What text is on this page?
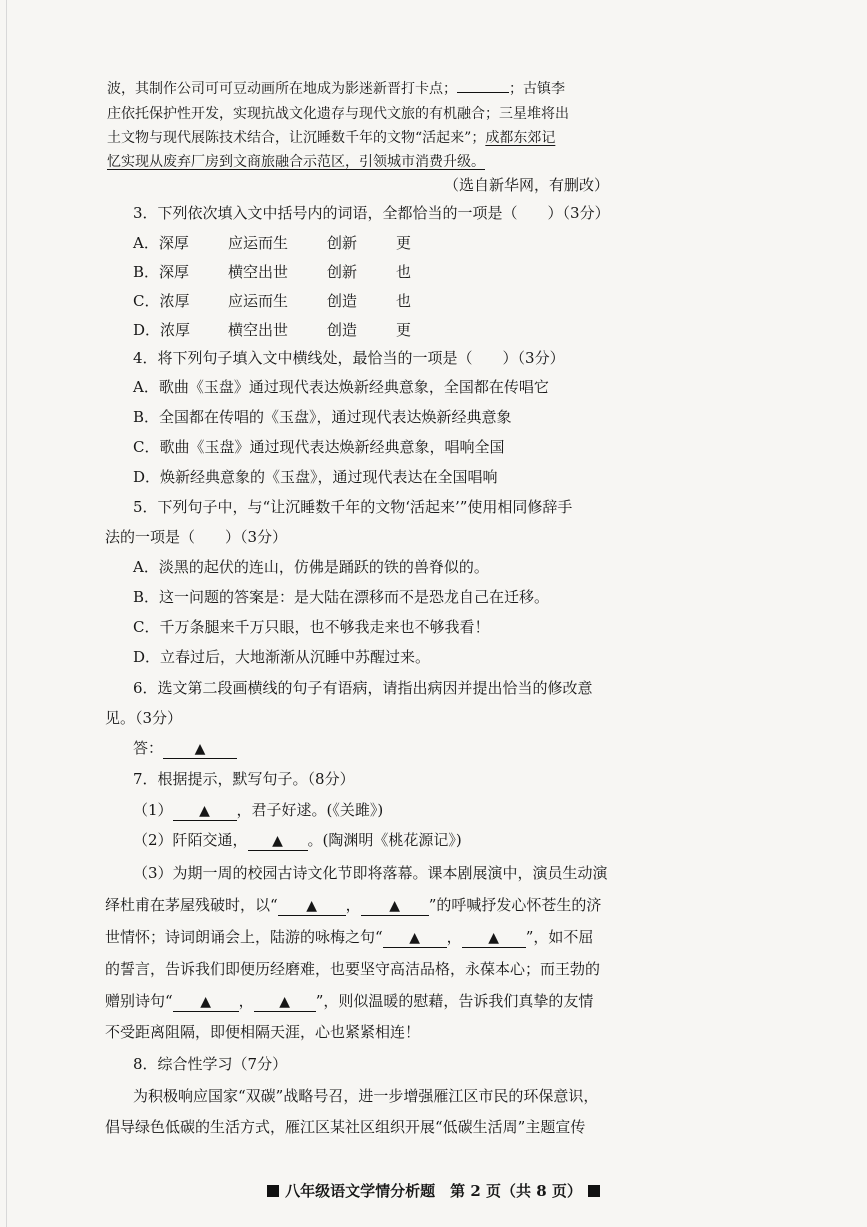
波，其制作公司可可豆动画所在地成为影迷新晋打卡点；	；古镇李
庄依托保护性开发，实现抗战文化遗存与现代文旅的有机融合；三星堆将出
土文物与现代展陈技术结合，让沉睡数千年的文物“活起来”；成都东郊记
忆实现从废弃厂房到文商旅融合示范区，引领城市消费升级。
（选自新华网，有删改）
3．下列依次填入文中括号内的词语，全都恰当的一项是（　　）（3分）
A．深厚	应运而生	创新	更
B．深厚	横空出世	创新	也
C．浓厚	应运而生	创造	也
D．浓厚	横空出世	创造	更
4．将下列句子填入文中横线处，最恰当的一项是（　　）（3分）
A．歌曲《玉盘》通过现代表达焕新经典意象，全国都在传唱它
B．全国都在传唱的《玉盘》，通过现代表达焕新经典意象
C．歌曲《玉盘》通过现代表达焕新经典意象，唱响全国
D．焕新经典意象的《玉盘》，通过现代表达在全国唱响
5．下列句子中，与“让沉睡数千年的文物‘活起来’”使用相同修辞手
法的一项是（　　）（3分）
A．淡黑的起伏的连山，仿佛是踊跃的铁的兽脊似的。
B．这一问题的答案是：是大陆在漂移而不是恐龙自己在迁移。
C．千万条腿来千万只眼，也不够我走来也不够我看！
D．立春过后，大地渐渐从沉睡中苏醒过来。
6．选文第二段画横线的句子有语病，请指出病因并提出恰当的修改意
见。（3分）
答： ▲
7．根据提示，默写句子。（8分）
（1） ▲ ，君子好逑。(《关雎》)
（2）阡陌交通， ▲ 。(陶渊明《桃花源记》)
（3）为期一周的校园古诗文化节即将落幕。课本剧展演中，演员生动演
绎杜甫在茅屋残破时，以“ ▲ ， ▲ ”的呼喊抒发心怀苍生的济
世情怀；诗词朗诵会上，陆游的咏梅之句“ ▲ ， ▲ ”，如不屈
的誓言，告诉我们即便历经磨难，也要坚守高洁品格，永葆本心；而王勃的
赠别诗句“ ▲ ， ▲ ”，则似温暖的慰藉，告诉我们真挚的友情
不受距离阻隔，即便相隔天涯，心也紧紧相连！
8．综合性学习（7分）
为积极响应国家“双碳”战略号召，进一步增强雁江区市民的环保意识，
倡导绿色低碳的生活方式，雁江区某社区组织开展“低碳生活周”主题宣传
八年级语文学情分析题　第 2 页（共 8 页）
